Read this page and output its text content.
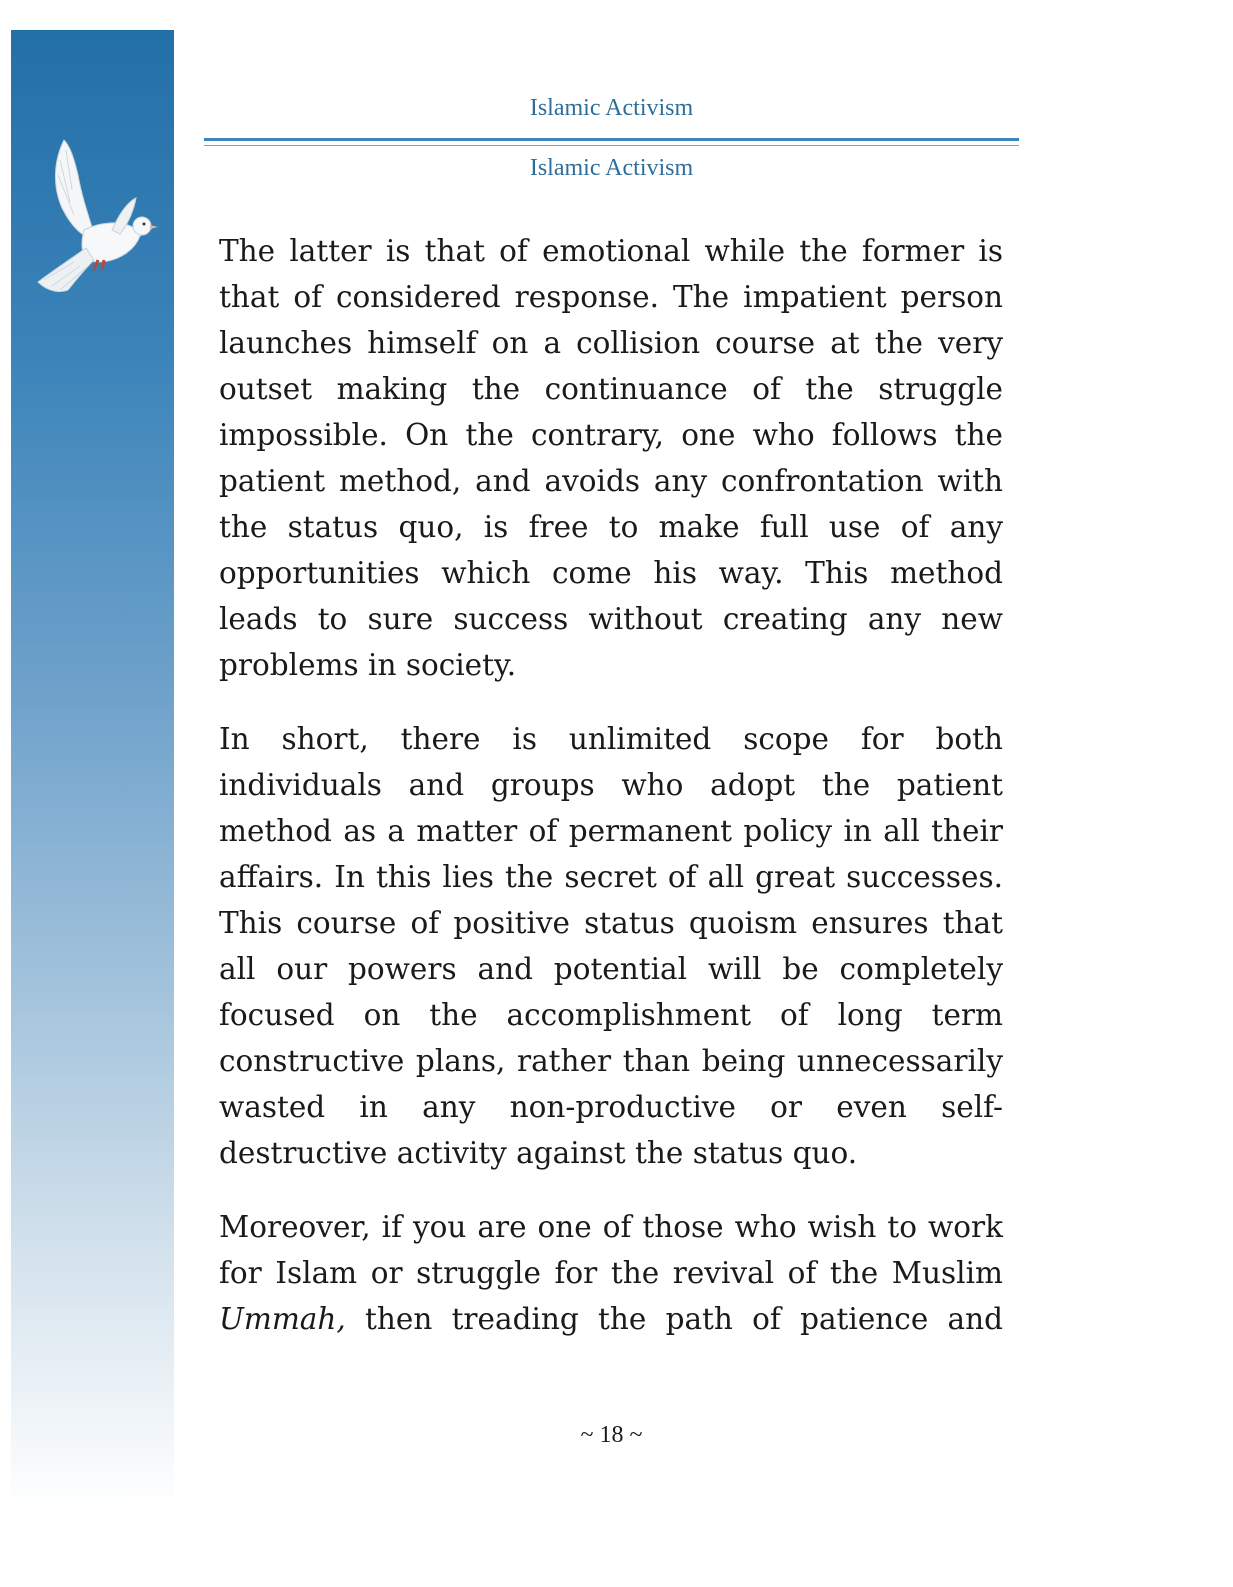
Islamic Activism
Islamic Activism

The latter is that of emotional while the former is that of considered response. The impatient person launches himself on a collision course at the very outset making the continuance of the struggle impossible. On the contrary, one who follows the patient method, and avoids any confrontation with the status quo, is free to make full use of any opportunities which come his way. This method leads to sure success without creating any new problems in society.

In short, there is unlimited scope for both individuals and groups who adopt the patient method as a matter of permanent policy in all their affairs. In this lies the secret of all great successes. This course of positive status quoism ensures that all our powers and potential will be completely focused on the accomplishment of long term constructive plans, rather than being unnecessarily wasted in any non-productive or even self-destructive activity against the status quo.

Moreover, if you are one of those who wish to work for Islam or struggle for the revival of the Muslim Ummah, then treading the path of patience and

~ 18 ~
